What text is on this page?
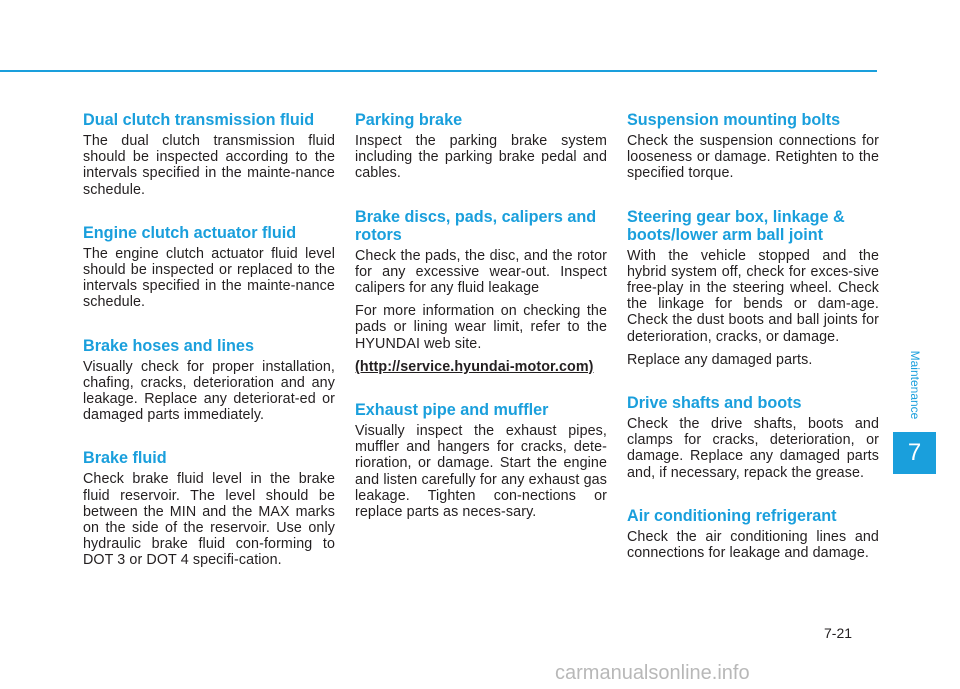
Dual clutch transmission fluid

The dual clutch transmission fluid should be inspected according to the intervals specified in the mainte-nance schedule.

Engine clutch actuator fluid

The engine clutch actuator fluid level should be inspected or replaced to the intervals specified in the mainte-nance schedule.

Brake hoses and lines

Visually check for proper installation, chafing, cracks, deterioration and any leakage. Replace any deteriorat-ed or damaged parts immediately.

Brake fluid

Check brake fluid level in the brake fluid reservoir. The level should be between the MIN and the MAX marks on the side of the reservoir. Use only hydraulic brake fluid con-forming to DOT 3 or DOT 4 specifi-cation.

Parking brake

Inspect the parking brake system including the parking brake pedal and cables.

Brake discs, pads, calipers and rotors

Check the pads, the disc, and the rotor for any excessive wear-out. Inspect calipers for any fluid leakage

For more information on checking the pads or lining wear limit, refer to the HYUNDAI web site.

(http://service.hyundai-motor.com)

Exhaust pipe and muffler

Visually inspect the exhaust pipes, muffler and hangers for cracks, dete-rioration, or damage. Start the engine and listen carefully for any exhaust gas leakage. Tighten con-nections or replace parts as neces-sary.

Suspension mounting bolts

Check the suspension connections for looseness or damage. Retighten to the specified torque.

Steering gear box, linkage & boots/lower arm ball joint

With the vehicle stopped and the hybrid system off, check for exces-sive free-play in the steering wheel. Check the linkage for bends or dam-age. Check the dust boots and ball joints for deterioration, cracks, or damage.

Replace any damaged parts.

Drive shafts and boots

Check the drive shafts, boots and clamps for cracks, deterioration, or damage. Replace any damaged parts and, if necessary, repack the grease.

Air conditioning refrigerant

Check the air conditioning lines and connections for leakage and damage.

Maintenance
7
7-21
carmanualsonline.info
